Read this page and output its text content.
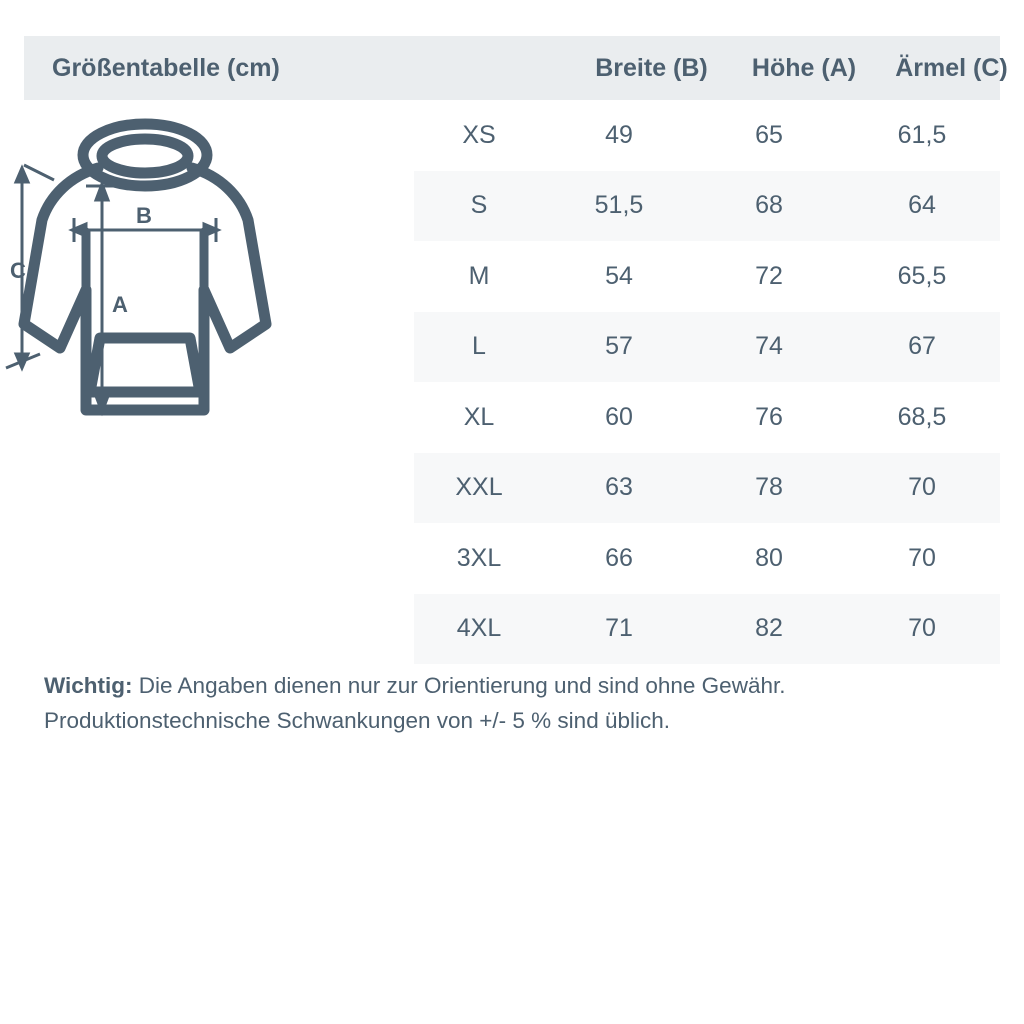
Größentabelle (cm)	Breite (B)	Höhe (A)	Ärmel (C)
C
B
A
XS	49	65	61,5
S	51,5	68	64
M	54	72	65,5
L	57	74	67
XL	60	76	68,5
XXL	63	78	70
3XL	66	80	70
4XL	71	82	70
Wichtig: Die Angaben dienen nur zur Orientierung und sind ohne Gewähr.
Produktionstechnische Schwankungen von +/- 5 % sind üblich.
